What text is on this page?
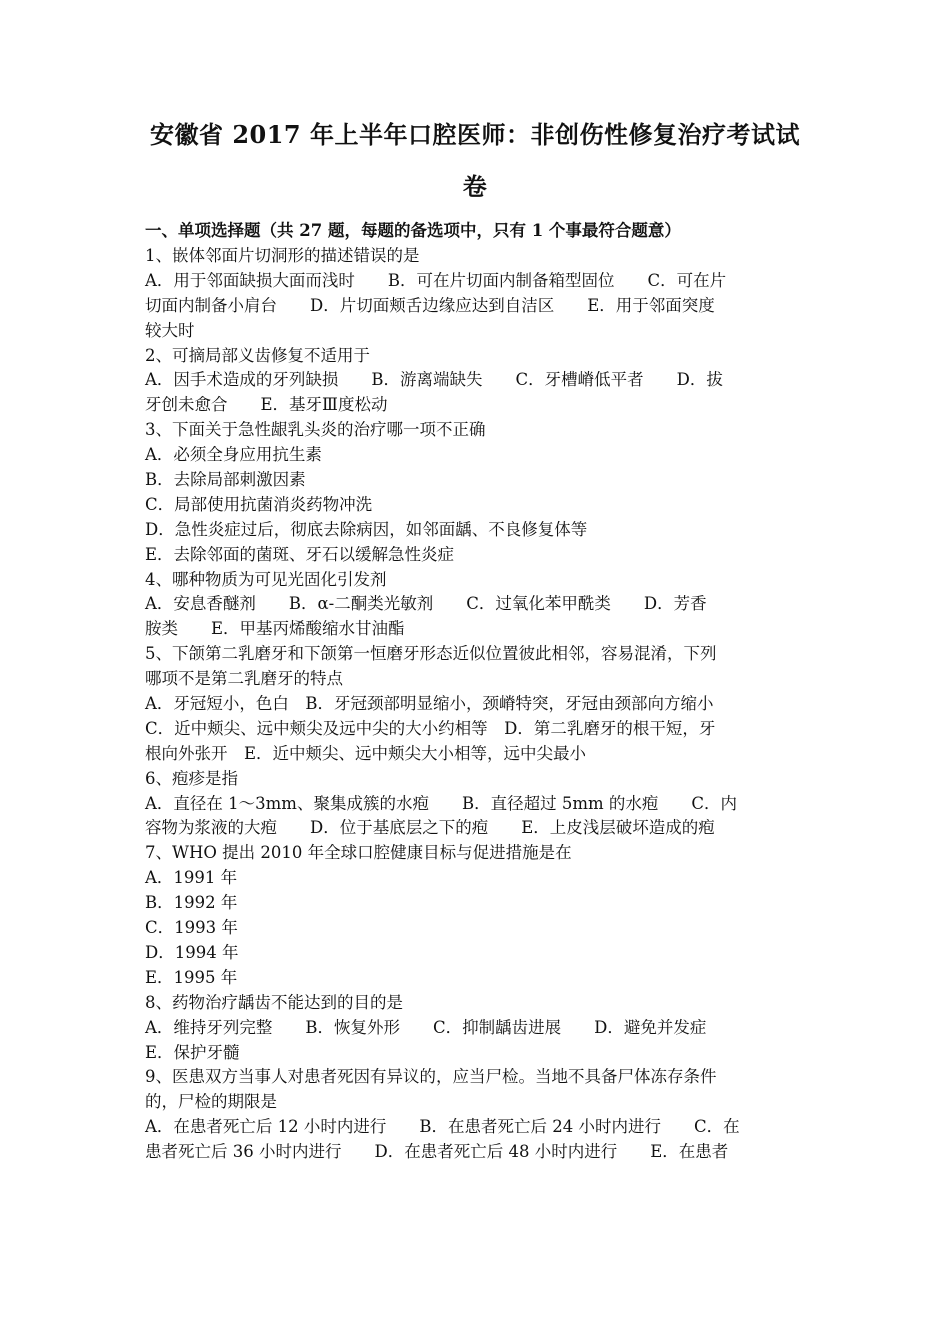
安徽省 2017 年上半年口腔医师：非创伤性修复治疗考试试
卷
一、单项选择题（共 27 题，每题的备选项中，只有 1 个事最符合题意）
1、嵌体邻面片切洞形的描述错误的是
A．用于邻面缺损大面而浅时　　B．可在片切面内制备箱型固位　　C．可在片
切面内制备小肩台　　D．片切面颊舌边缘应达到自洁区　　E．用于邻面突度
较大时
2、可摘局部义齿修复不适用于
A．因手术造成的牙列缺损　　B．游离端缺失　　C．牙槽嵴低平者　　D．拔
牙创未愈合　　E．基牙Ⅲ度松动
3、下面关于急性龈乳头炎的治疗哪一项不正确
A．必须全身应用抗生素
B．去除局部刺激因素
C．局部使用抗菌消炎药物冲洗
D．急性炎症过后，彻底去除病因，如邻面龋、不良修复体等
E．去除邻面的菌斑、牙石以缓解急性炎症
4、哪种物质为可见光固化引发剂
A．安息香醚剂　　B．α-二酮类光敏剂　　C．过氧化苯甲酰类　　D．芳香
胺类　　E．甲基丙烯酸缩水甘油酯
5、下颌第二乳磨牙和下颌第一恒磨牙形态近似位置彼此相邻，容易混淆，下列
哪项不是第二乳磨牙的特点
A．牙冠短小，色白　B．牙冠颈部明显缩小，颈嵴特突，牙冠由颈部向方缩小
C．近中颊尖、远中颊尖及远中尖的大小约相等　D．第二乳磨牙的根干短，牙
根向外张开　E．近中颊尖、远中颊尖大小相等，远中尖最小
6、疱疹是指
A．直径在 1～3mm、聚集成簇的水疱　　B．直径超过 5mm 的水疱　　C．内
容物为浆液的大疱　　D．位于基底层之下的疱　　E．上皮浅层破坏造成的疱
7、WHO 提出 2010 年全球口腔健康目标与促进措施是在
A．1991 年
B．1992 年
C．1993 年
D．1994 年
E．1995 年
8、药物治疗龋齿不能达到的目的是
A．维持牙列完整　　B．恢复外形　　C．抑制龋齿进展　　D．避免并发症
E．保护牙髓
9、医患双方当事人对患者死因有异议的，应当尸检。当地不具备尸体冻存条件
的，尸检的期限是
A．在患者死亡后 12 小时内进行　　B．在患者死亡后 24 小时内进行　　C．在
患者死亡后 36 小时内进行　　D．在患者死亡后 48 小时内进行　　E．在患者
